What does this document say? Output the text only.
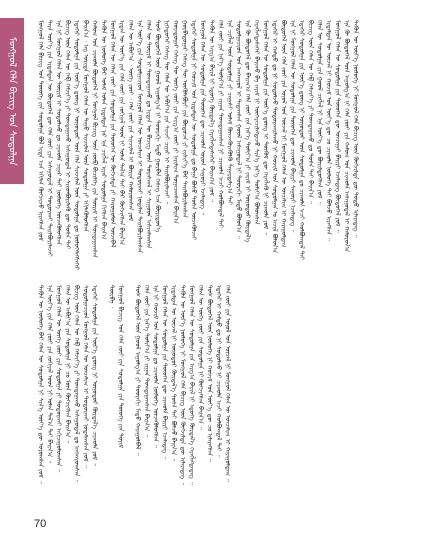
ᠮᠣᠩᠭᠣᠯ ᠬᠡᠯᠡ ᠪᠢᠴᠢᠭ ᠤᠨ ᠰᠤᠳᠤᠯᠭᠠ	ᠮᠣᠩᠭᠣᠯ ᠬᠡᠯᠡ ᠪᠢᠴᠢᠭ ᠤᠨ ᠲᠦᠦᠬᠡ ᠶᠢᠨ ᠰᠤᠳᠤᠯᠭᠠ ᠪᠣᠯ ᠡᠷᠲᠡ ᠡᠴᠡ ᠡᠬᠢᠯᠡᠨ ᠬᠥᠭᠵᠢᠵᠦ ᠢᠷᠡᠭᠰᠡᠨ ᠶᠤᠮ ᠲᠡᠷᠡ ᠦᠶ᠎ᠡ ᠶᠢᠨ ᠡᠷᠳᠡᠮᠲᠡᠨ ᠦ ᠪᠦᠲᠦᠭᠡᠯ ᠳᠦ ᠬᠡᠯᠡ ᠵᠦᠢ ᠶᠢᠨ ᠠᠰᠠᠭᠤᠳᠠᠯ ᠢ ᠲᠣᠳᠣᠷᠬᠠᠢ ᠲᠠᠢᠯᠪᠤᠷᠢᠯᠠᠵᠠᠢ ᠡᠨᠡ ᠨᠢ ᠮᠣᠩᠭᠣᠯ ᠬᠡᠯᠡᠨ ᠦ ᠳᠦᠷᠢᠮ ᠢ ᠰᠤᠳᠤᠯᠬᠤ ᠳᠤ ᠴᠢᠬᠤᠯᠠ ᠴᠢᠨᠠᠷ ᠲᠠᠢ ᠨᠥᠯᠥᠭᠡ ᠦᠵᠡᠭᠦᠯᠦᠭᠰᠡᠨ ᠪᠢᠴᠢᠭ ᠦᠨ ᠬᠡᠯᠡᠨ ᠦ ᠬᠡᠪ ᠬᠡᠮᠵᠢᠶ᠎ᠡ ᠶᠢ ᠲᠣᠭᠲᠠᠭᠠᠬᠤ ᠠᠰᠠᠭᠤᠳᠠᠯ ᠢ ᠰᠢᠢᠳᠪᠦᠷᠢᠯᠡᠬᠦ ᠳᠦ ᠲᠤᠰᠠ ᠲᠠᠢ ᠡᠳᠡᠭᠡᠷ ᠰᠤᠳᠤᠯᠭᠠ ᠶᠢᠨ ᠦᠷ᠎ᠡ ᠳ᠋ᠦᠩ ᠨᠢ ᠥᠨᠥᠳᠦᠷ ᠦᠨ ᠬᠡᠯᠡ ᠰᠢᠨᠵᠢᠯᠡᠯ ᠦᠨ ᠰᠤᠳᠤᠯᠭᠠ ᠳᠤ ᠨᠥᠯᠥᠭᠡᠯᠡᠭᠰᠡᠭᠡᠷ ᠪᠠᠢᠨ᠎ᠠ ᠂ ᠡᠩ ᠤᠷᠢᠳᠠ ᠮᠣᠩᠭᠣᠯ ᠬᠡᠯᠡᠨ ᠦ ᠳᠠᠭᠤ ᠰᠢᠨᠵᠢᠯᠡᠯ ᠦᠨ ᠰᠤᠳᠤᠯᠭᠠ ᠶᠢ ᠡᠬᠢᠯᠡᠭᠦᠯᠦᠭᠰᠡᠨ ᠬᠠᠮᠤᠭ ᠤᠨ ᠴᠢᠬᠤᠯᠠ ᠪᠦᠲᠦᠭᠡᠯ ᠨᠢ ᠮᠣᠩᠭᠣᠯ ᠪᠢᠴᠢᠭ ᠦᠨ ᠵᠥᠪ ᠪᠢᠴᠢᠯᠭᠡ ᠶᠢᠨ ᠳᠦᠷᠢᠮ ᠢ ᠲᠣᠭᠲᠠᠭᠠᠭᠰᠠᠨ ᠲᠡᠭᠦᠨ ᠦ ᠨᠥᠯᠥᠭᠡ ᠪᠡᠷ ᠤᠯᠠᠮ ᠣᠯᠠᠨ ᠡᠷᠳᠡᠮᠲᠡᠨ ᠨᠠᠷ ᠡᠨᠡ ᠴᠢᠭᠯᠡᠯ ᠢᠶᠡᠷ ᠰᠤᠳᠤᠯᠭᠠ ᠬᠢᠭᠰᠡᠨ ᠪᠠᠢᠨ᠎ᠠ ᠮᠣᠩᠭᠣᠯ ᠬᠡᠯᠡᠨ ᠦ ᠬᠡᠯᠡᠨ ᠵᠦᠢ ᠶᠢᠨ ᠰᠤᠳᠤᠯᠭᠠ ᠶᠢᠨ ᠲᠦᠦᠬᠡᠨ ᠦ ᠬᠥᠭᠵᠢᠯᠲᠡ ᠶᠢ ᠬᠠᠷᠤᠭᠤᠯᠤᠨ ᠦᠵᠡᠪᠡᠯ ᠡᠷᠲᠡᠨ ᠦ ᠦᠶ᠎ᠡ ᠶᠢᠨ ᠬᠡᠯᠡ ᠵᠦᠢ ᠶᠢᠨ ᠵᠣᠬᠢᠶᠠᠯ ᠤᠳ ᠨᠢ ᠣᠯᠠᠨ ᠲᠠᠯ᠎ᠠ ᠲᠠᠢ ᠪᠡᠷ ᠬᠥᠭᠵᠢᠭᠰᠡᠨ ᠪᠠᠢᠨ᠎ᠠ ᠬᠡᠯᠡᠨ ᠦ ᠠᠪᠢᠶ᠎ᠠ ᠂ ᠦᠭᠡ ᠵᠦᠢ ᠂ ᠬᠡᠯᠡ ᠵᠦᠢ ᠶᠢᠨ ᠰᠢᠨᠵᠢᠯᠡᠯ ᠢ ᠪᠦᠷᠢᠨ ᠬᠠᠮᠤᠷᠤᠭᠰᠠᠨ ᠶᠤᠮ ᠡᠨᠡ ᠦᠶ᠎ᠡ ᠶᠢᠨ ᠰᠤᠳᠤᠯᠭᠠᠴᠢᠳ ᠮᠣᠩᠭᠣᠯ ᠬᠡᠯᠡᠨ ᠦ ᠣᠨᠴᠠᠯᠢᠭ ᠢ ᠲᠣᠳᠣᠷᠬᠠᠢ ᠨᠣᠲᠠᠯᠠᠨ ᠲᠠᠢᠯᠪᠤᠷᠢᠯᠠᠭᠰᠠᠨ ᠬᠡᠯᠡᠨ ᠦ ᠳᠦᠷᠢᠮ ᠢ ᠲᠣᠭᠲᠠᠭᠠᠬᠤ ᠳᠤ ᠡᠷᠲᠡᠨ ᠦ ᠪᠢᠴᠢᠭ ᠦᠨ ᠳᠤᠷᠠᠰᠬᠠᠯ ᠢ ᠰᠢᠭᠤᠳ ᠠᠰᠢᠭᠯᠠᠭᠰᠠᠨ ᠲᠤᠰ ᠪᠦᠲᠦᠭᠡᠯ ᠦᠨ ᠭᠣᠣᠯ ᠠᠭᠤᠯᠭ᠎ᠠ ᠨᠢ ᠳᠣᠣᠷᠠᠬᠢ ᠮᠡᠲᠦ ᠭᠤᠷᠪᠠᠨ ᠬᠡᠰᠡᠭ ᠡᠴᠡ ᠪᠦᠷᠢᠳᠦᠨ᠎ᠡ ᠨᠢᠭᠡᠳᠦᠭᠡᠷ ᠬᠡᠰᠡᠭ ᠲᠦ ᠬᠡᠯᠡᠨ ᠦ ᠠᠪᠢᠶ᠎ᠠ ᠶᠢᠨ ᠰᠢᠨᠵᠢ ᠴᠢᠨᠠᠷ ᠢ ᠲᠠᠢᠯᠪᠤᠷᠢᠯᠠᠵᠠᠢ ᠃ ᠬᠣᠶᠠᠳᠤᠭᠠᠷ ᠬᠡᠰᠡᠭ ᠲᠦ ᠦᠭᠡ ᠵᠦᠢ ᠶᠢᠨ ᠠᠷᠭ᠎ᠠ ᠵᠦᠢ ᠶᠢ ᠨᠠᠷᠢᠯᠢᠭ ᠲᠣᠭᠠᠴᠠᠭᠰᠠᠨ ᠪᠠᠢᠨ᠎ᠠ ᠭᠤᠷᠪᠠᠳᠤᠭᠠᠷ ᠬᠡᠰᠡᠭ ᠲᠦ ᠥᠭᠦᠯᠡᠪᠦᠷᠢ ᠶᠢᠨ ᠪᠦᠲᠦᠴᠡ ᠶᠢ ᠵᠢᠱᠢᠶ᠎ᠡ ᠪᠡᠷ ᠲᠠᠢᠯᠪᠤᠷᠢᠯᠠᠭᠰᠠᠨ ᠡᠳᠡᠭᠡᠷ ᠰᠤᠳᠤᠯᠭᠠ ᠨᠢ ᠬᠣᠵᠢᠮ ᠤᠨ ᠡᠷᠳᠡᠮᠲᠡᠨ ᠦ ᠰᠤᠳᠤᠯᠭᠠ ᠳᠤ ᠪᠠᠭᠠ ᠪᠤᠰᠤ ᠲᠤᠰᠠ ᠦᠵᠡᠭᠦᠯᠵᠡᠢ ᠮᠣᠩᠭᠣᠯ ᠬᠡᠯᠡᠨ ᠦ ᠰᠤᠳᠤᠯᠭᠠ ᠶᠢᠨ ᠲᠦᠦᠬᠡᠨ ᠳᠦ ᠴᠢᠬᠤᠯᠠ ᠣᠷᠤᠨ ᠰᠠᠭᠤᠷᠢ ᠡᠵᠡᠯᠡᠳᠡᠭ ᠃ ᠲᠡᠭᠦᠨ ᠦ ᠠᠷᠭ᠎ᠠ ᠪᠠᠷᠢᠯ ᠨᠢ ᠡᠳᠦᠭᠡ ᠬᠦᠷᠲᠡᠯ᠎ᠡ ᠬᠡᠷᠡᠭᠯᠡᠭᠳᠡᠰᠡᠭᠡᠷ ᠪᠠᠢᠭ᠎ᠠ ᠶᠤᠮ ᠃ ᠬᠡᠯᠡ ᠵᠦᠢ ᠶᠢᠨ ᠨᠡᠷ᠎ᠡ ᠲᠣᠮᠢᠶ᠎ᠠ ᠶᠢ ᠵᠢᠭᠠᠨ ᠲᠣᠭᠲᠠᠭᠠᠭᠰᠠᠨ ᠨᠢ ᠴᠢᠬᠤᠯᠠ ᠠᠴᠢ ᠬᠣᠯᠪᠣᠭᠳᠠᠯ ᠲᠠᠢ ᠡᠨᠡ ᠴᠢᠭᠯᠡᠯ ᠦᠨ ᠰᠤᠳᠤᠯᠭᠠ ᠶᠢ ᠴᠠᠭᠠᠰᠢ ᠤᠯᠠᠮ ᠭᠦᠨᠵᠡᠭᠦᠷᠡᠭᠦᠯᠬᠦ ᠱᠠᠭᠠᠷᠳᠠᠯᠭ᠎ᠠ ᠲᠠᠢ ᠰᠤᠳᠤᠯᠭᠠᠴᠢᠳ ᠤᠨ ᠠᠩᠬᠠᠷᠤᠯ ᠢ ᠲᠠᠲᠠᠭᠰᠠᠨ ᠭᠣᠣᠯ ᠠᠰᠠᠭᠤᠳᠠᠯ ᠨᠢ ᠳᠣᠣᠷᠠᠬᠢ ᠮᠡᠲᠦ ᠪᠣᠯᠤᠨ᠎ᠠ ᠃ ᠡᠨᠡ ᠬᠦ ᠪᠦᠲᠦᠭᠡᠯ ᠳᠦ ᠪᠠᠢᠭ᠎ᠠ ᠬᠡᠯᠡ ᠵᠦᠢ ᠶᠢᠨ ᠨᠡᠷ᠎ᠡ ᠲᠣᠮᠢᠶ᠎ᠠ ᠶᠢ ᠵᠠᠷᠢᠮ ᠨᠢ ᠥᠨᠥᠳᠦᠷ ᠬᠦᠷᠲᠡᠯ᠎ᠡ ᠬᠡᠷᠡᠭᠯᠡᠭᠳᠡᠰᠡᠭᠡᠷ ᠪᠠᠢᠬᠤ ᠪᠠ ᠵᠠᠷᠢᠮ ᠨᠢ ᠥᠭᠡᠷᠡᠴᠢᠯᠡᠭᠳᠡᠵᠦ ᠰᠢᠨ᠎ᠡ ᠨᠡᠷ᠎ᠡ ᠲᠣᠮᠢᠶ᠎ᠠ ᠪᠣᠯᠤᠭᠰᠠᠨ ᠮᠣᠩᠭᠣᠯ ᠬᠡᠯᠡᠨ ᠦ ᠰᠤᠳᠤᠯᠭᠠ ᠶᠢᠨ ᠦᠷ᠎ᠡ ᠳ᠋ᠦᠩ ᠢ ᠳᠦᠭᠦᠮ ᠳᠦ ᠬᠡᠷᠡᠭᠯᠡᠬᠦ ᠨᠢ ᠴᠢᠬᠤᠯᠠ ᠶᠤᠮ ᠃ ᠡᠳᠡᠭᠡᠷ ᠢ ᠬᠠᠮᠲᠤ ᠳᠤ ᠨᠢ ᠰᠤᠳᠤᠯᠵᠤ ᠲᠣᠳᠣᠷᠬᠠᠢᠯᠠᠬᠤ ᠨᠢ ᠬᠣᠵᠢᠮ ᠤᠨ ᠰᠤᠳᠤᠯᠭᠠᠨ ᠤ ᠠᠵᠢᠯ ᠪᠣᠯᠤᠨ᠎ᠠ ᠪᠦᠲᠦᠭᠡᠯ ᠦᠨ ᠬᠡᠯᠡ ᠵᠦᠢ ᠶᠢᠨ ᠣᠨᠣᠯ ᠤᠨ ᠦᠵᠡᠯ ᠨᠢ ᠮᠣᠩᠭᠣᠯ ᠬᠡᠯᠡᠨ ᠦ ᠣᠨᠴᠠᠯᠢᠭ ᠢ ᠬᠠᠷᠠᠭᠤᠯᠳᠠᠭ ᠡᠨᠡ ᠨᠢ ᠮᠣᠩᠭᠣᠯ ᠬᠡᠯᠡᠨ ᠦ ᠰᠤᠳᠤᠯᠭᠠ ᠶᠢᠨ ᠲᠦᠦᠬᠡᠨ ᠳᠦ ᠴᠢᠬᠤᠯᠠ ᠪᠠᠢᠷᠢ ᠰᠠᠭᠤᠷᠢ ᠡᠵᠡᠯᠡᠳᠡᠭ ᠃ ᠡᠳᠡᠭᠡᠷ ᠰᠤᠳᠤᠯᠭᠠ ᠶᠢᠨ ᠦᠷ᠎ᠡ ᠳ᠋ᠦᠩ ᠨᠢ ᠥᠨᠥᠳᠦᠷ ᠦᠨ ᠰᠤᠳᠤᠯᠭᠠ ᠳᠤ ᠴᠢᠬᠤᠯᠠ ᠠᠴᠢ ᠬᠣᠯᠪᠣᠭᠳᠠᠯ ᠲᠠᠢ ᠪᠢᠴᠢᠭ ᠦᠨ ᠬᠡᠯᠡᠨ ᠦ ᠬᠡᠪ ᠬᠡᠮᠵᠢᠶ᠎ᠡ ᠶᠢ ᠲᠣᠭᠲᠠᠭᠠᠬᠤ ᠳᠤ ᠲᠤᠰᠠ ᠲᠠᠢ ᠪᠠᠢᠨ᠎ᠠ ᠃ ᠬᠡᠯᠡᠨ ᠦ ᠰᠤᠳᠤᠯᠭᠠ ᠶᠢᠨ ᠭᠣᠣᠯ ᠴᠢᠭᠯᠡᠯ ᠨᠢ ᠡᠨᠡ ᠦᠶ᠎ᠡ ᠳᠦ ᠪᠦᠷᠢᠯᠳᠦᠭᠰᠡᠨ ᠶᠤᠮ ᠃ ᠡᠷᠳᠡᠮᠲᠡᠨ ᠦ ᠦᠵᠡᠯ ᠨᠢ ᠬᠣᠵᠢᠮ ᠤᠨ ᠦᠶ᠎ᠡ ᠳᠦ ᠴᠤ ᠴᠢᠬᠤᠯᠠ ᠨᠥᠯᠥᠭᠡ ᠲᠠᠢ ᠪᠣᠯᠵᠤ ᠢᠷᠡᠭᠰᠡᠨ ᠃ ᠮᠣᠩᠭᠣᠯ ᠬᠡᠯᠡᠨ ᠦ ᠰᠤᠳᠤᠯᠭᠠ ᠶᠢᠨ ᠲᠦᠦᠬᠡᠨ ᠳᠦ ᠣᠨᠴᠠᠭᠠᠢ ᠪᠠᠢᠷᠢ ᠡᠵᠡᠯᠡᠳᠡᠭ ᠪᠦᠲᠦᠭᠡᠯ ᠶᠤᠮ ᠃ ᠡᠨᠡ ᠬᠦ ᠪᠦᠲᠦᠭᠡᠯ ᠦᠨ ᠠᠭᠤᠯᠭ᠎ᠠ ᠨᠢ ᠬᠡᠯᠡ ᠵᠦᠢ ᠶᠢᠨ ᠬᠠᠮᠤᠭ ᠤᠨ ᠴᠢᠬᠤᠯᠠ ᠠᠰᠠᠭᠤᠳᠠᠯ ᠢ ᠬᠠᠮᠤᠷᠤᠨ᠎ᠠ ᠲᠡᠭᠦᠨ ᠦ ᠦᠷ᠎ᠡ ᠨᠥᠯᠥᠭᠡ ᠨᠢ ᠮᠣᠩᠭᠣᠯ ᠬᠡᠯᠡ ᠪᠢᠴᠢᠭ ᠦᠨ ᠬᠥᠭᠵᠢᠯᠲᠡ ᠳᠦ ᠲᠣᠳᠣ ᠢᠯᠡᠷᠡᠳᠡᠭ ᠃

ᠲᠡᠭᠦᠨ ᠦ ᠨᠥᠯᠥᠭᠡ ᠪᠡᠷ ᠬᠡᠯᠡᠨ ᠦ ᠰᠤᠳᠤᠯᠭᠠ ᠨᠢ ᠰᠢᠨ᠎ᠡ ᠦᠶ᠎ᠡ ᠳᠦ ᠣᠷᠤᠭᠰᠠᠨ ᠶᠤᠮ ᠃ ᠡᠨᠡ ᠦᠶ᠎ᠡ ᠶᠢᠨ ᠬᠡᠯᠡ ᠵᠦᠢ ᠶᠢᠨ ᠵᠣᠬᠢᠶᠠᠯ ᠤᠳ ᠨᠢ ᠣᠯᠠᠨ ᠲᠠᠯ᠎ᠠ ᠲᠠᠢ ᠪᠠᠢᠨ᠎ᠠ ᠃ ᠮᠣᠩᠭᠣᠯ ᠬᠡᠯᠡᠨ ᠦ ᠦᠭᠡ ᠵᠦᠢ ᠶᠢᠨ ᠰᠤᠳᠤᠯᠭᠠ ᠶᠢ ᠲᠣᠳᠣᠷᠬᠠᠢ ᠠᠬᠢᠴᠠᠭᠤᠯᠤᠭᠰᠠᠨ ᠃ ᠬᠡᠯᠡᠨ ᠦ ᠠᠪᠢᠶ᠎ᠠ ᠶᠢᠨ ᠰᠤᠳᠤᠯᠭᠠ ᠨᠢ ᠴᠤ ᠮᠥᠨ ᠬᠥᠭᠵᠢᠭᠰᠡᠨ ᠪᠠᠢᠨ᠎ᠠ ᠃ ᠪᠢᠴᠢᠭ ᠦᠨ ᠬᠡᠯᠡᠨ ᠦ ᠬᠡᠪ ᠬᠡᠮᠵᠢᠶ᠎ᠡ ᠶᠢ ᠲᠣᠭᠲᠠᠭᠠᠬᠤ ᠠᠰᠠᠭᠤᠳᠠᠯ ᠳᠤ ᠠᠩᠬᠠᠷᠤᠭᠰᠠᠨ ᠃ ᠰᠤᠳᠤᠯᠭᠠᠴᠢᠳ ᠮᠣᠩᠭᠣᠯ ᠬᠡᠯᠡᠨ ᠦ ᠣᠨᠴᠠᠯᠢᠭ ᠢ ᠲᠣᠳᠣᠷᠬᠠᠢ ᠨᠣᠲᠠᠯᠠᠭᠰᠠᠨ ᠶᠤᠮ ᠃ ᠡᠳᠡᠭᠡᠷ ᠰᠤᠳᠤᠯᠭᠠ ᠶᠢᠨ ᠦᠷ᠎ᠡ ᠳ᠋ᠦᠩ ᠨᠢ ᠥᠨᠥᠳᠦᠷ ᠬᠦᠷᠲᠡᠯ᠎ᠡ ᠴᠢᠬᠤᠯᠠ ᠶᠤᠮ ᠃ ᠳᠥᠷᠪᠡ ᠂ ᠮᠣᠩᠭᠣᠯ ᠪᠢᠴᠢᠭ ᠤᠨ ᠬᠡᠯᠡ ᠵᠦᠢ ᠶᠢᠨ ᠰᠤᠳᠤᠯᠭᠠ ᠶᠢᠨ ᠲᠦᠦᠬᠡ ᠶᠢᠨ ᠲᠣᠶᠢᠮ ᠲᠤᠰ ᠪᠦᠲᠦᠭᠡᠯ ᠦᠨ ᠭᠣᠣᠯ ᠠᠭᠤᠯᠭ᠎ᠠ ᠶᠢ ᠳᠣᠣᠷᠠᠬᠢ ᠮᠡᠲᠦ ᠬᠠᠷᠠᠭᠤᠯᠪᠠᠯ ᠃ ᠬᠡᠯᠡ ᠵᠦᠢ ᠶᠢᠨ ᠨᠡᠷ᠎ᠡ ᠲᠣᠮᠢᠶ᠎ᠠ ᠶᠢ ᠵᠢᠭᠠᠨ ᠲᠣᠭᠲᠠᠭᠠᠭᠰᠠᠨ ᠪᠠᠢᠨ᠎ᠠ ᠃ ᠡᠨᠡ ᠨᠢ ᠬᠣᠵᠢᠮ ᠤᠨ ᠰᠤᠳᠤᠯᠭᠠ ᠳᠤ ᠴᠢᠬᠤᠯᠠ ᠨᠥᠯᠥᠭᠡ ᠦᠵᠡᠭᠦᠯᠦᠭᠰᠡᠨ ᠃ ᠮᠣᠩᠭᠣᠯ ᠬᠡᠯᠡᠨ ᠦ ᠰᠤᠳᠤᠯᠭᠠ ᠶᠢᠨ ᠲᠦᠦᠬᠡᠨ ᠳᠦ ᠴᠢᠬᠤᠯᠠ ᠪᠠᠢᠷᠢ ᠡᠵᠡᠯᠡᠳᠡᠭ ᠃ ᠡᠷᠳᠡᠮᠲᠡᠨ ᠦ ᠦᠵᠡᠯ ᠨᠢ ᠥᠨᠥᠳᠦᠷ ᠬᠦᠷᠲᠡᠯ᠎ᠡ ᠲᠤᠰᠠ ᠲᠠᠢ ᠪᠣᠯᠵᠤ ᠪᠠᠢᠨ᠎ᠠ ᠃ ᠲᠡᠭᠦᠨ ᠦ ᠦᠷ᠎ᠡ ᠨᠥᠯᠥᠭᠡ ᠨᠢ ᠮᠣᠩᠭᠣᠯ ᠬᠡᠯᠡ ᠪᠢᠴᠢᠭ ᠦᠨ ᠬᠥᠭᠵᠢᠯᠲᠡ ᠳᠦ ᠢᠯᠡᠷᠡᠳᠡᠭ ᠃ ᠮᠣᠩᠭᠣᠯ ᠬᠡᠯᠡᠨ ᠦ ᠰᠤᠳᠤᠯᠭᠠ ᠶᠢᠨ ᠠᠷᠭ᠎ᠠ ᠪᠠᠷᠢᠯ ᠨᠢ ᠡᠳᠦᠭᠡ ᠬᠦᠷᠲᠡᠯ᠎ᠡ ᠬᠡᠷᠡᠭᠯᠡᠭᠳᠡᠳᠡᠭ ᠃ ᠬᠡᠯᠡᠨ ᠦ ᠦᠭᠡ ᠵᠦᠢ ᠶᠢᠨ ᠰᠤᠳᠤᠯᠭᠠ ᠨᠢ ᠬᠥᠭᠵᠢᠭᠰᠡᠨ ᠪᠠᠢᠨ᠎ᠠ ᠃ ᠲᠤᠰ ᠪᠦᠲᠦᠭᠡᠯ ᠦᠨ ᠨᠥᠯᠥᠭᠡ ᠨᠢ ᠬᠣᠵᠢᠮ ᠤᠨ ᠦᠶ᠎ᠡ ᠳᠦ ᠴᠤ ᠢᠯᠡᠷᠡᠭᠰᠡᠨ ᠃ ᠡᠳᠡᠭᠡᠷ ᠢ ᠬᠠᠮᠲᠤ ᠳᠤ ᠨᠢ ᠰᠤᠳᠤᠯᠬᠤ ᠨᠢ ᠴᠢᠬᠤᠯᠠ ᠠᠴᠢ ᠬᠣᠯᠪᠣᠭᠳᠠᠯ ᠲᠠᠢ ᠃ ᠬᠡᠯᠡ ᠵᠦᠢ ᠶᠢᠨ ᠣᠨᠣᠯ ᠤᠨ ᠦᠵᠡᠯ ᠨᠢ ᠮᠣᠩᠭᠣᠯ ᠬᠡᠯᠡᠨ ᠦ ᠣᠨᠴᠠᠯᠢᠭ ᠢ ᠬᠠᠷᠠᠭᠤᠯᠳᠠᠭ ᠃

70
